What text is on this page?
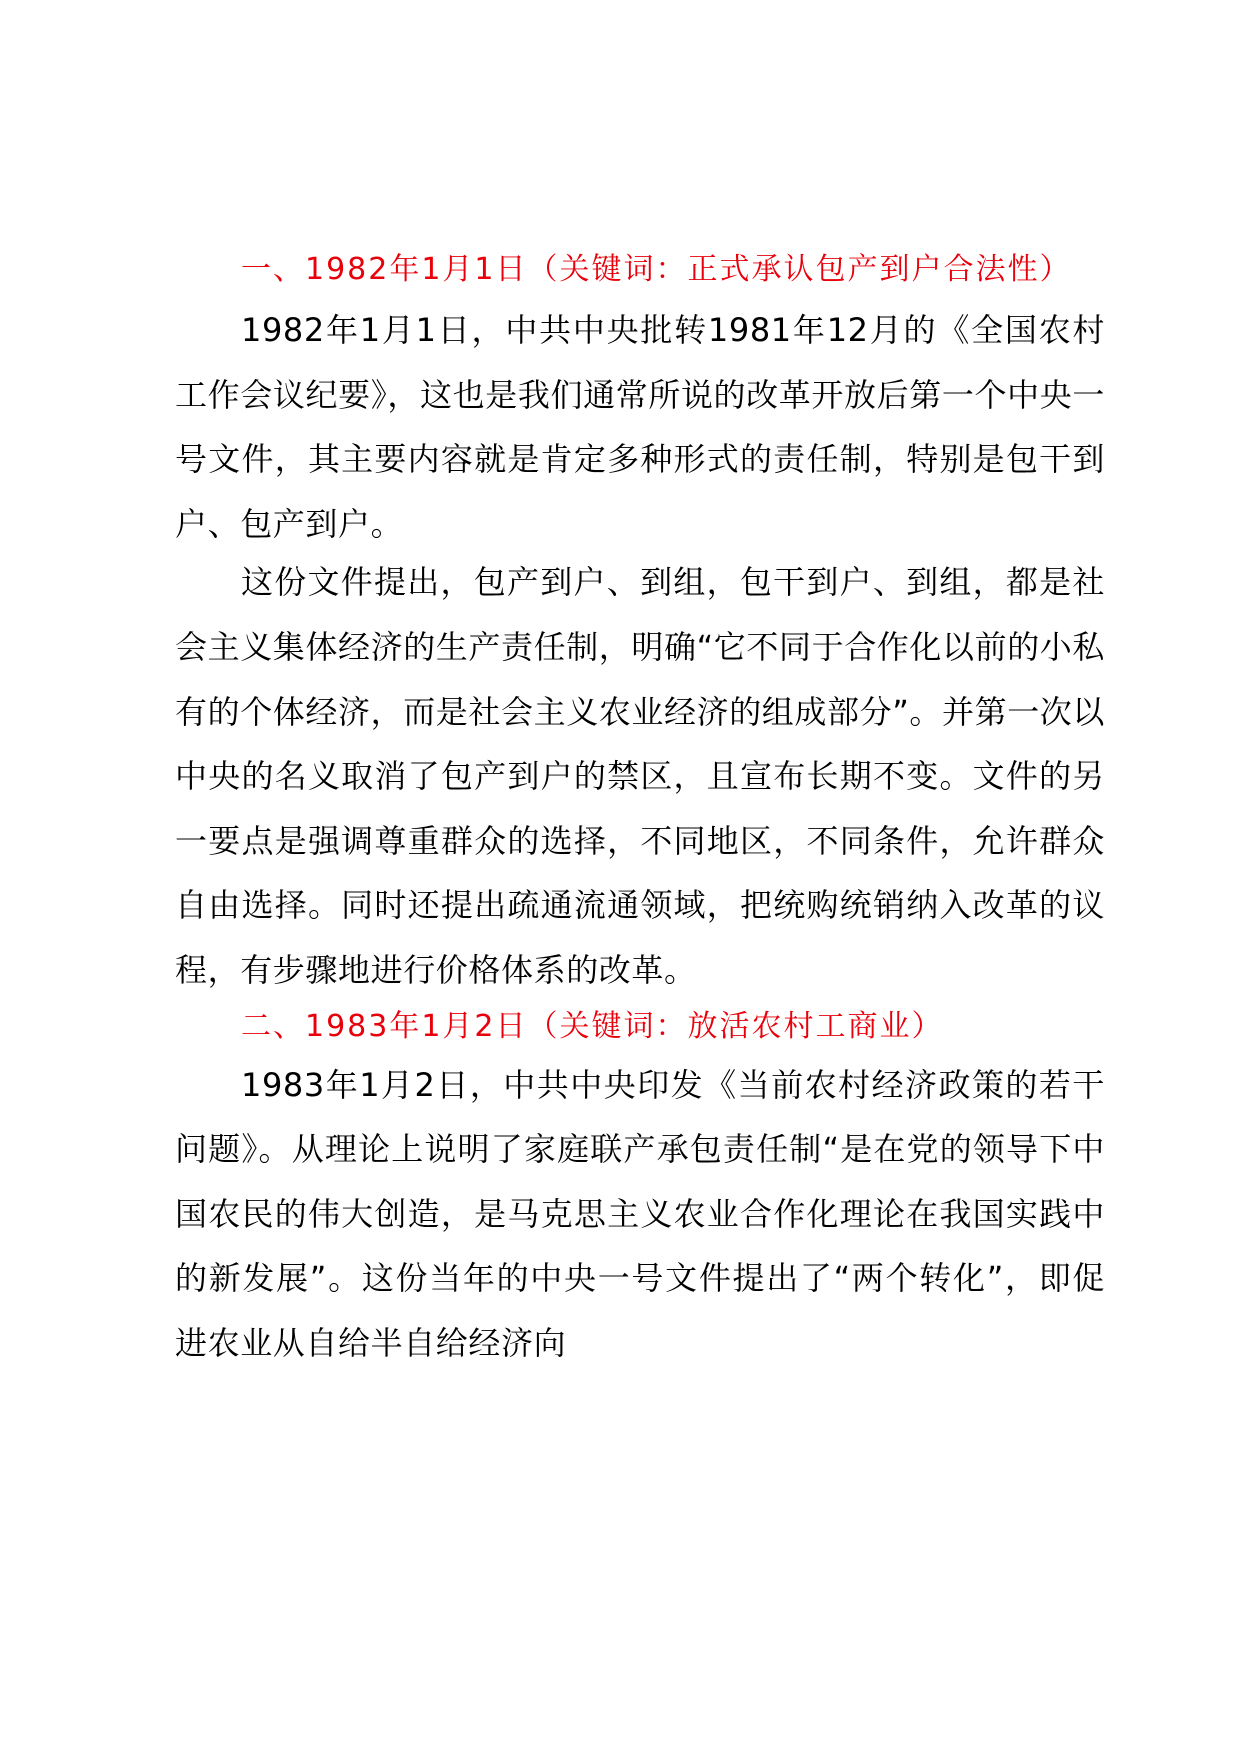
一、1982年1月1日（关键词：正式承认包产到户合法性）

1982年1月1日，中共中央批转1981年12月的《全国农村工作会议纪要》，这也是我们通常所说的改革开放后第一个中央一号文件，其主要内容就是肯定多种形式的责任制，特别是包干到户、包产到户。

这份文件提出，包产到户、到组，包干到户、到组，都是社会主义集体经济的生产责任制，明确“它不同于合作化以前的小私有的个体经济，而是社会主义农业经济的组成部分”。并第一次以中央的名义取消了包产到户的禁区，且宣布长期不变。文件的另一要点是强调尊重群众的选择，不同地区，不同条件，允许群众自由选择。同时还提出疏通流通领域，把统购统销纳入改革的议程，有步骤地进行价格体系的改革。

二、1983年1月2日（关键词：放活农村工商业）

1983年1月2日，中共中央印发《当前农村经济政策的若干问题》。从理论上说明了家庭联产承包责任制“是在党的领导下中国农民的伟大创造，是马克思主义农业合作化理论在我国实践中的新发展”。这份当年的中央一号文件提出了“两个转化”，即促进农业从自给半自给经济向
